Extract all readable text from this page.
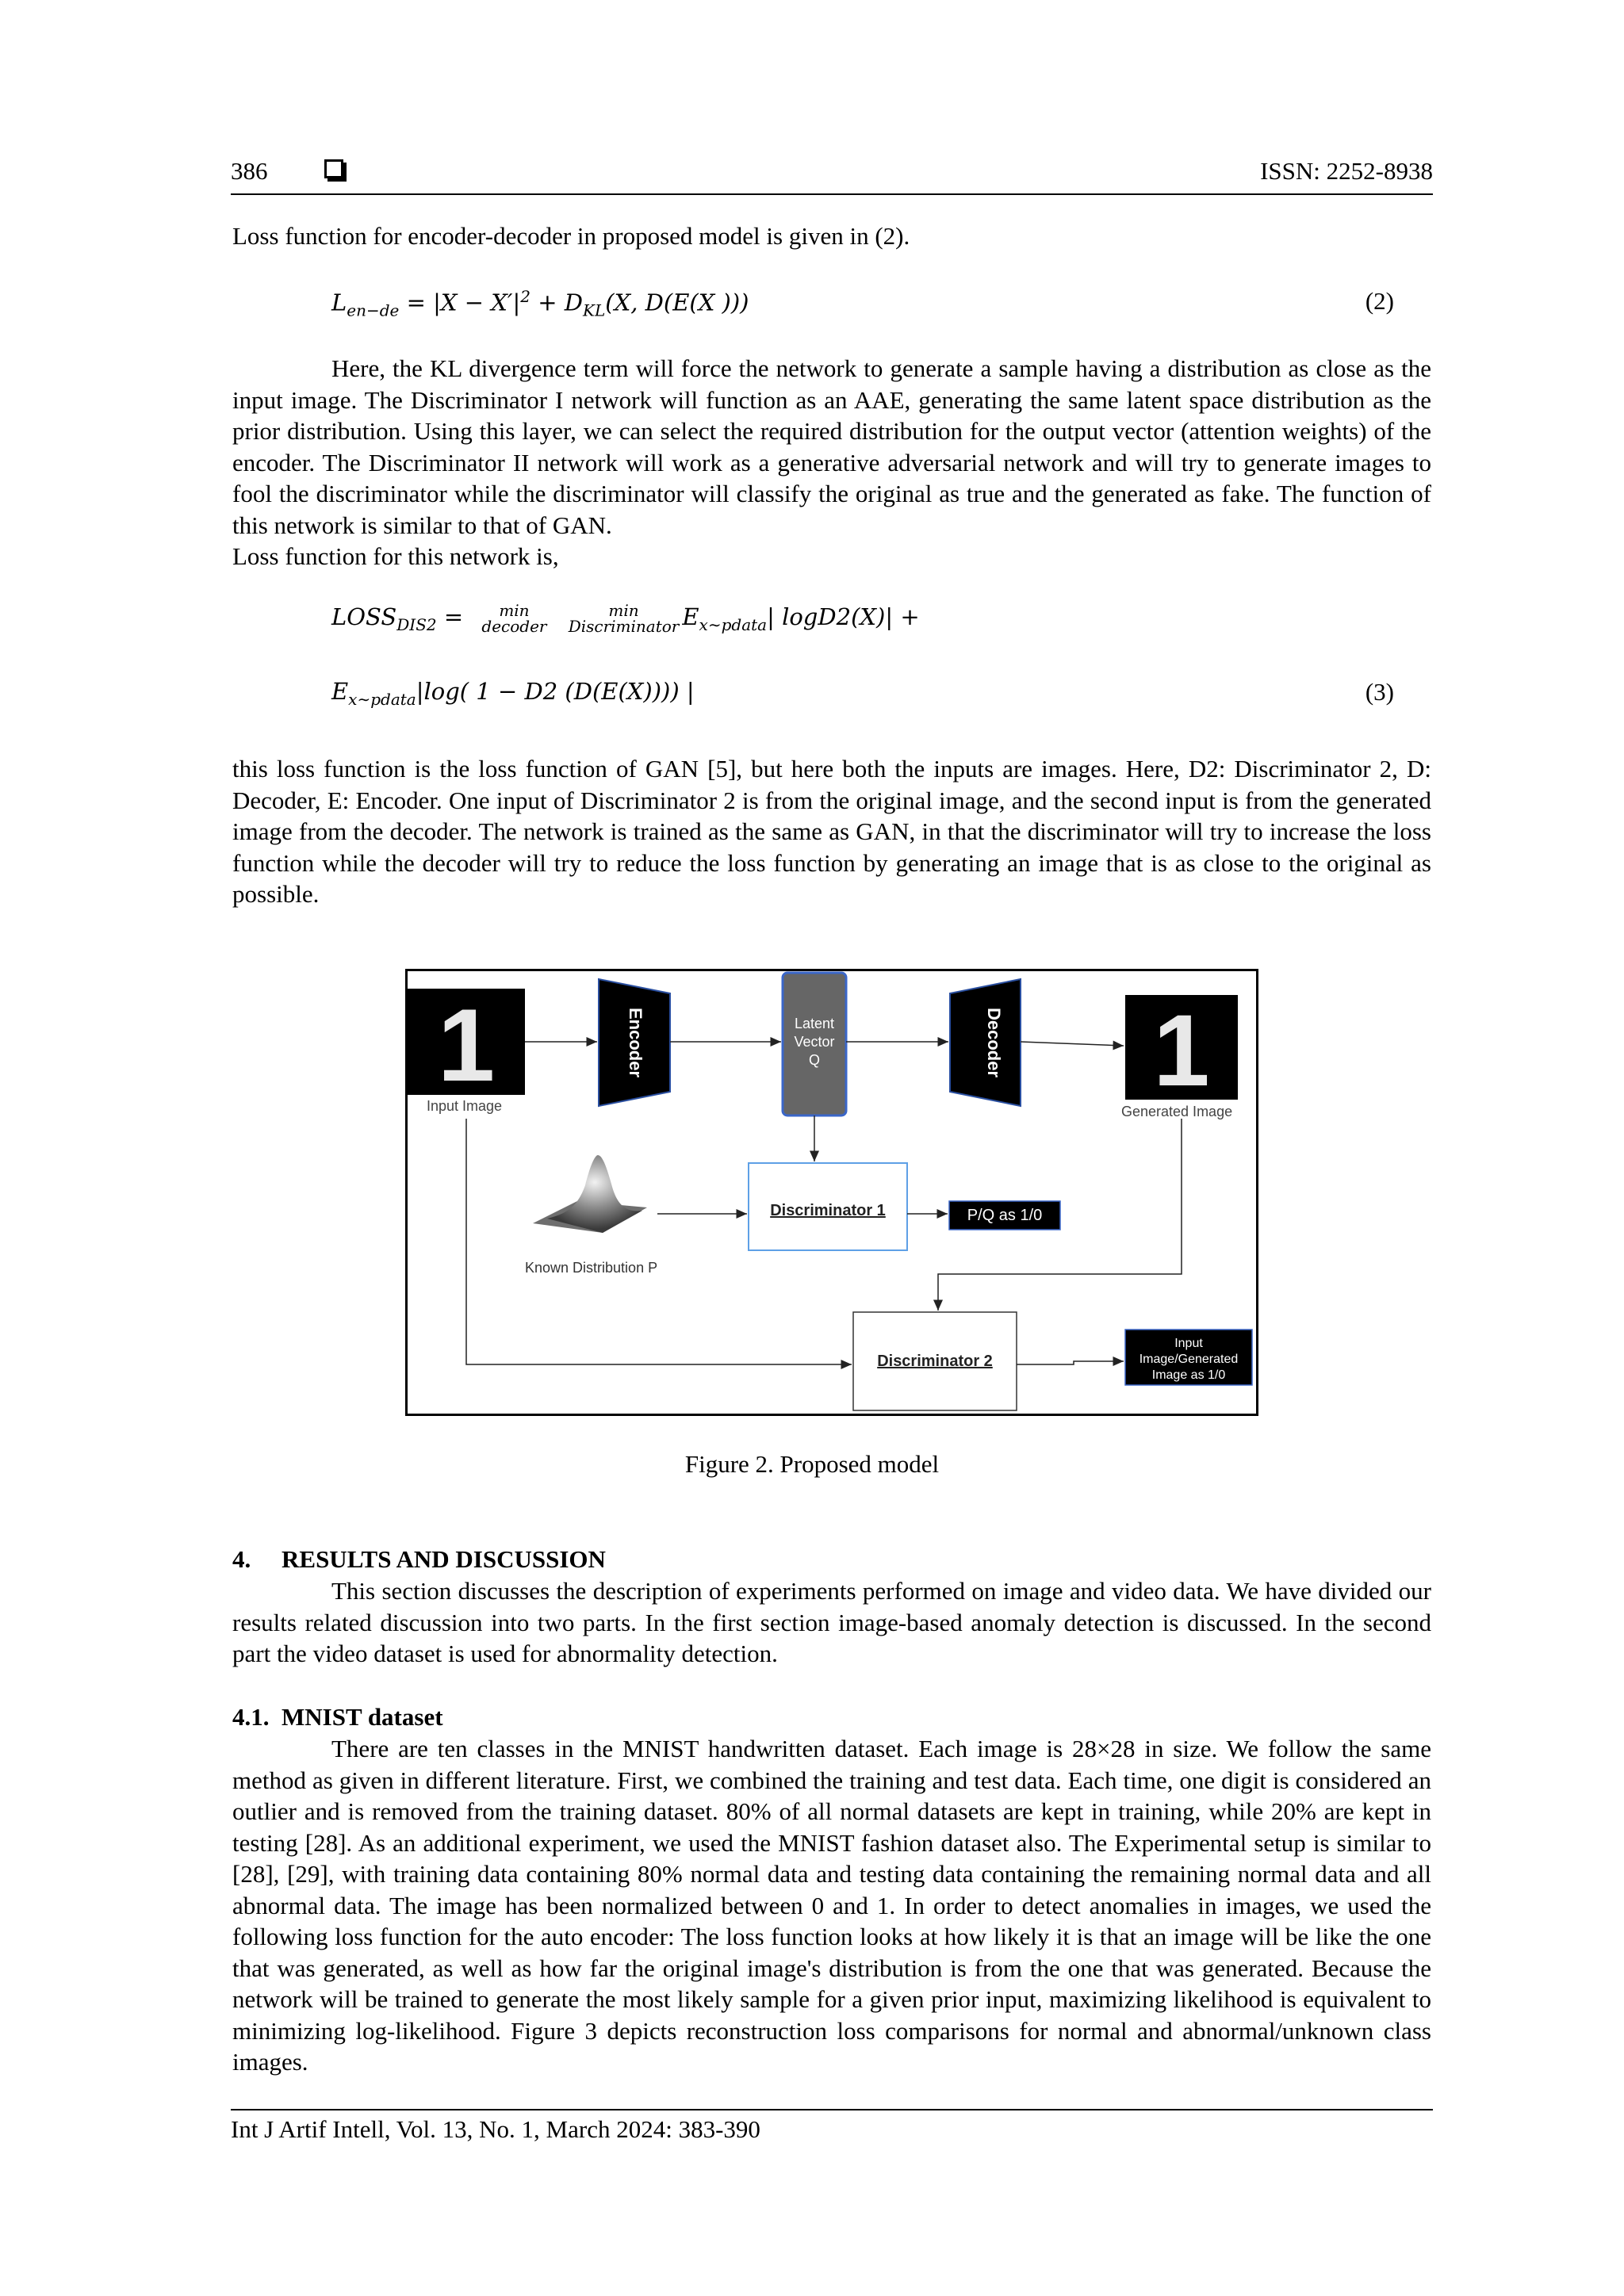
386	ISSN: 2252-8938

Loss function for encoder-decoder in proposed model is given in (2).

$L_{en-de} = |X - X'|^2 + D_{KL}(X$, D(E(X )))	(2)

Here, the KL divergence term will force the network to generate a sample having a distribution as close as the input image. The Discriminator I network will function as an AAE, generating the same latent space distribution as the prior distribution. Using this layer, we can select the required distribution for the output vector (attention weights) of the encoder. The Discriminator II network will work as a generative adversarial network and will try to generate images to fool the discriminator while the discriminator will classify the original as true and the generated as fake. The function of this network is similar to that of GAN.

Loss function for this network is,

$LOSS_{DIS2} = \min$
decoder min
Discriminator $E_{x\sim pdata}|$ logD2(X)| +
$E_{x\sim pdata}|\log$( 1 − D2 (D(E(X)))) |	(3)

this loss function is the loss function of GAN [5], but here both the inputs are images. Here, D2: Discriminator 2, D: Decoder, E: Encoder. One input of Discriminator 2 is from the original image, and the second input is from the generated image from the decoder. The network is trained as the same as GAN, in that the discriminator will try to increase the loss function while the decoder will try to reduce the loss function by generating an image that is as close to the original as possible.

1
Input Image
Encoder	Latent
Vector
Q	Decoder 1
Generated Image
Known Distribution P
Discriminator 1	P/Q as 1/0
Discriminator 2
Input
Image/Generated
Image as 1/0
Figure 2. Proposed model
4.     RESULTS AND DISCUSSION

This section discusses the description of experiments performed on image and video data. We have divided our results related discussion into two parts. In the first section image-based anomaly detection is discussed. In the second part the video dataset is used for abnormality detection.

4.1.  MNIST dataset

There are ten classes in the MNIST handwritten dataset. Each image is 28×28 in size. We follow the same method as given in different literature. First, we combined the training and test data. Each time, one digit is considered an outlier and is removed from the training dataset. 80% of all normal datasets are kept in training, while 20% are kept in testing [28]. As an additional experiment, we used the MNIST fashion dataset also. The Experimental setup is similar to [28], [29], with training data containing 80% normal data and testing data containing the remaining normal data and all abnormal data. The image has been normalized between 0 and 1. In order to detect anomalies in images, we used the following loss function for the auto encoder: The loss function looks at how likely it is that an image will be like the one that was generated, as well as how far the original image's distribution is from the one that was generated. Because the network will be trained to generate the most likely sample for a given prior input, maximizing likelihood is equivalent to minimizing log-likelihood. Figure 3 depicts reconstruction loss comparisons for normal and abnormal/unknown class images.

Int J Artif Intell, Vol. 13, No. 1, March 2024: 383-390
